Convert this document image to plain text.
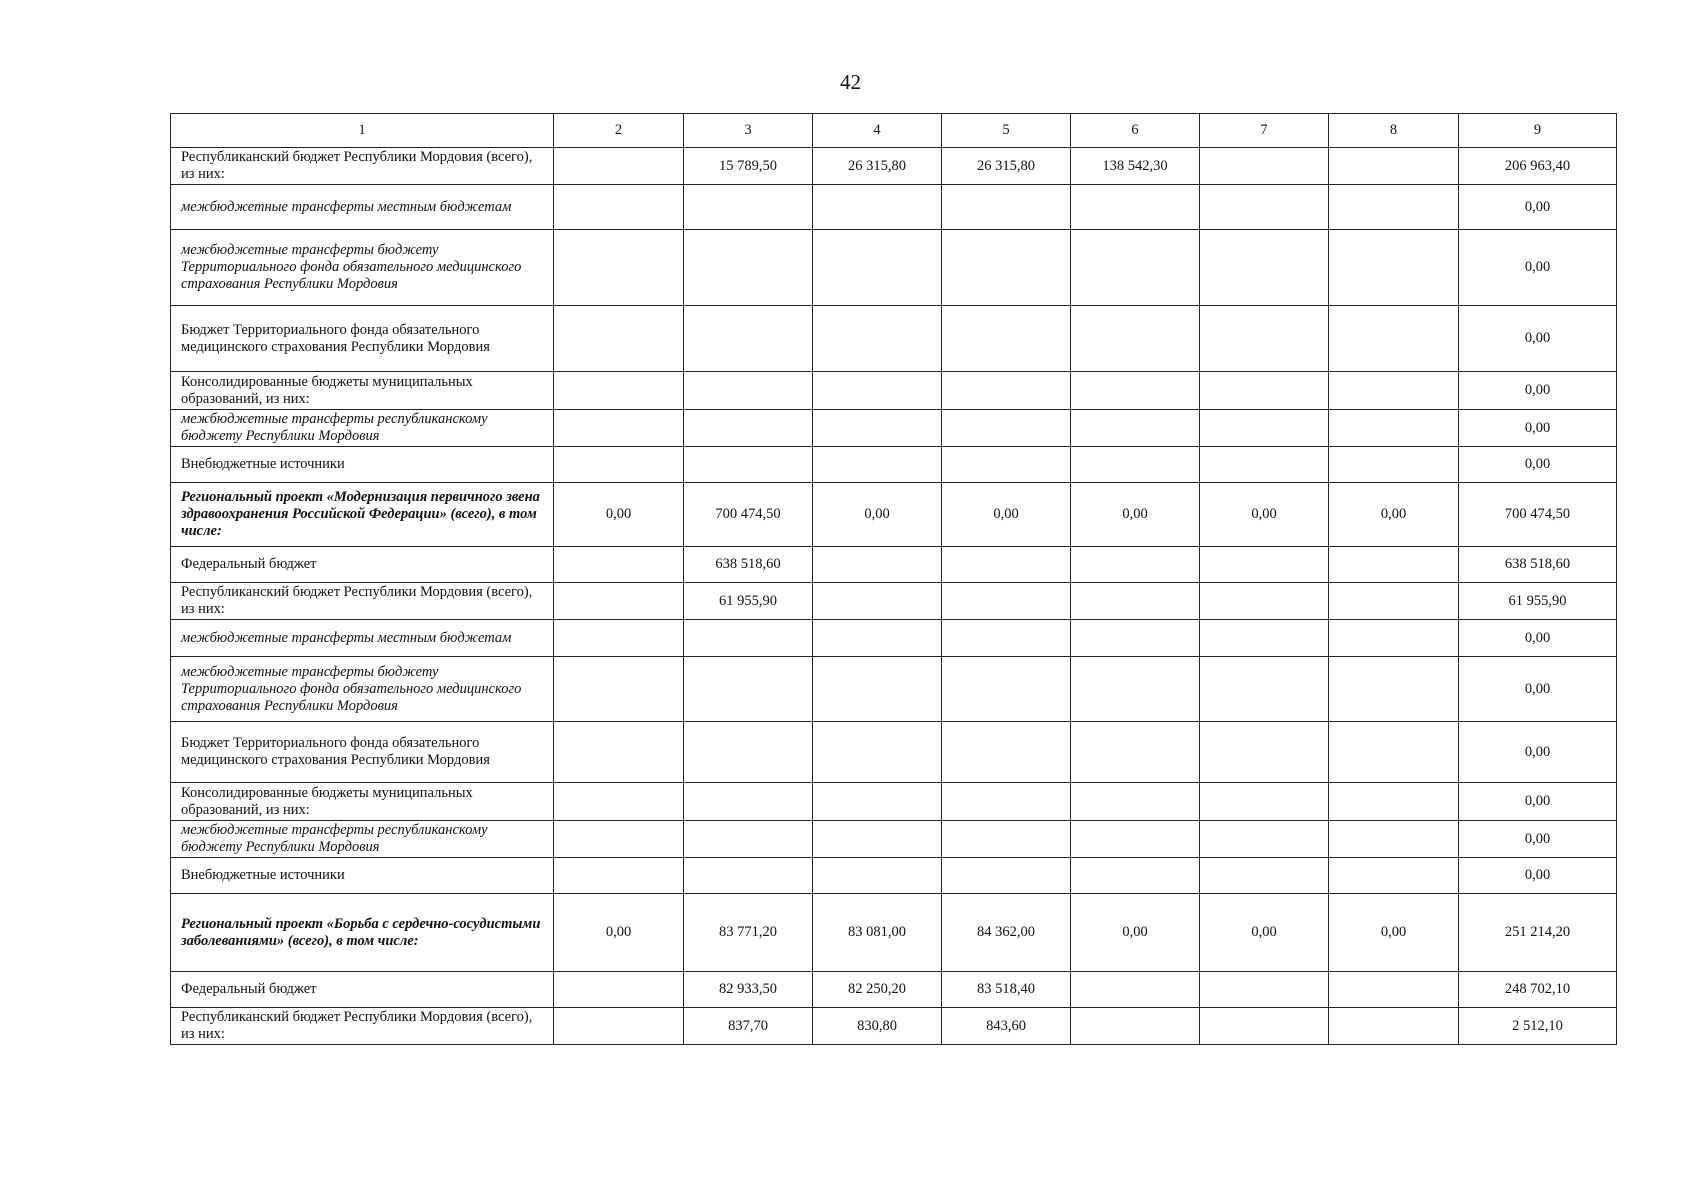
42
1	2	3	4	5	6	7	8	9
Республиканский бюджет Республики Мордовия (всего), из них:		15 789,50	26 315,80	26 315,80	138 542,30			206 963,40
межбюджетные трансферты местным бюджетам								0,00
межбюджетные трансферты бюджету Территориального фонда обязательного медицинского страхования Республики Мордовия								0,00
Бюджет Территориального фонда обязательного медицинского страхования Республики Мордовия								0,00
Консолидированные бюджеты муниципальных образований, из них:								0,00
межбюджетные трансферты республиканскому бюджету Республики Мордовия								0,00
Внебюджетные источники								0,00
Региональный проект «Модернизация первичного звена здравоохранения Российской Федерации» (всего), в том числе:	0,00	700 474,50	0,00	0,00	0,00	0,00	0,00	700 474,50
Федеральный бюджет		638 518,60						638 518,60
Республиканский бюджет Республики Мордовия (всего), из них:		61 955,90						61 955,90
межбюджетные трансферты местным бюджетам								0,00
межбюджетные трансферты бюджету Территориального фонда обязательного медицинского страхования Республики Мордовия								0,00
Бюджет Территориального фонда обязательного медицинского страхования Республики Мордовия								0,00
Консолидированные бюджеты муниципальных образований, из них:								0,00
межбюджетные трансферты республиканскому бюджету Республики Мордовия								0,00
Внебюджетные источники								0,00
Региональный проект «Борьба с сердечно-сосудистыми заболеваниями» (всего), в том числе:	0,00	83 771,20	83 081,00	84 362,00	0,00	0,00	0,00	251 214,20
Федеральный бюджет		82 933,50	82 250,20	83 518,40				248 702,10
Республиканский бюджет Республики Мордовия (всего), из них:		837,70	830,80	843,60				2 512,10
